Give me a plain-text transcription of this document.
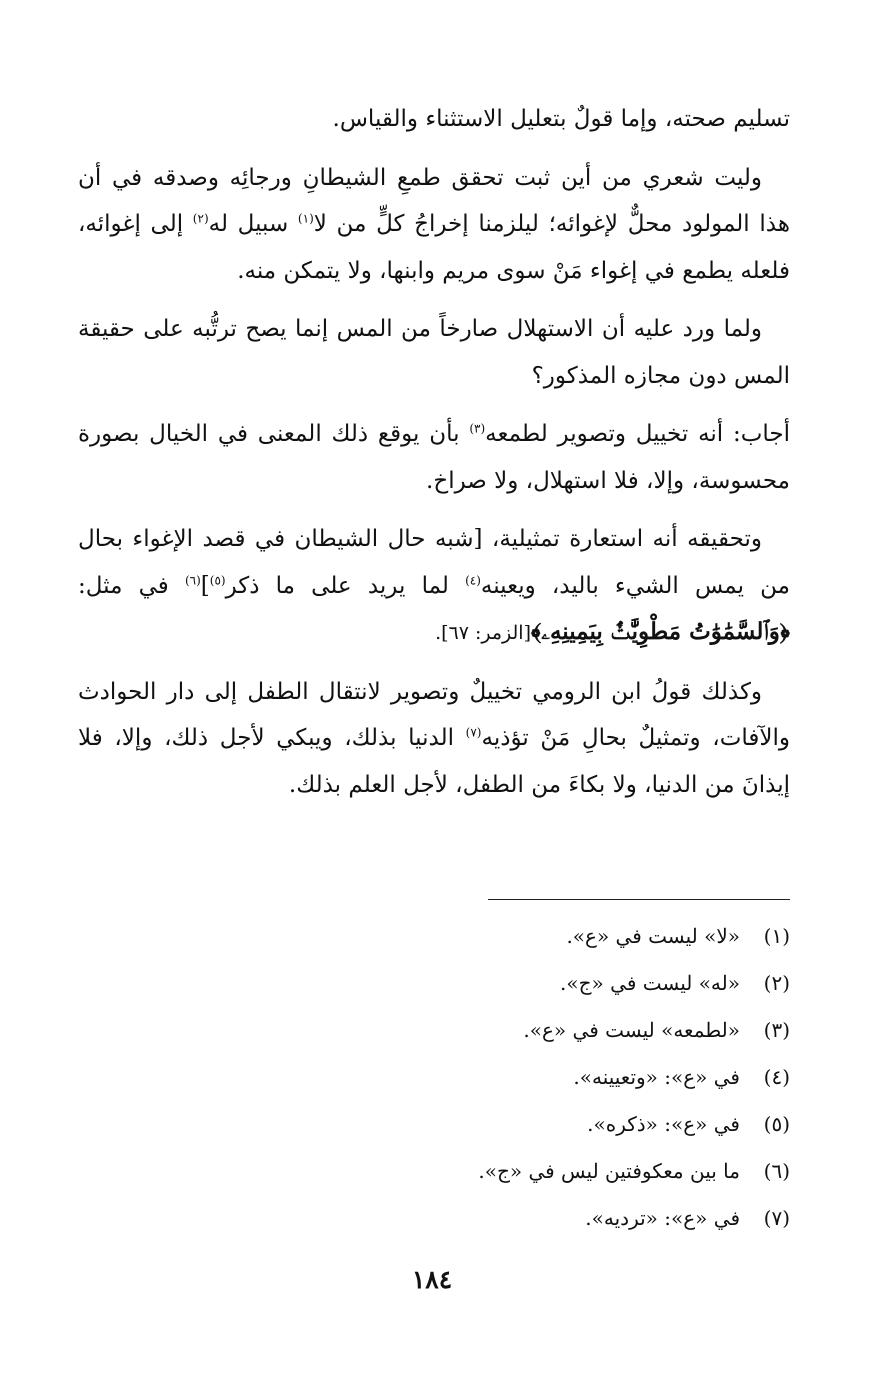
تسليم صحته، وإما قولٌ بتعليل الاستثناء والقياس.

وليت شعري من أين ثبت تحقق طمعِ الشيطانِ ورجائِه وصدقه في أن هذا المولود محلٌّ لإغوائه؛ ليلزمنا إخراجُ كلٍّ من لا$^{(١)}$ سبيل له$^{(٢)}$ إلى إغوائه، فلعله يطمع في إغواء مَنْ سوى مريم وابنها، ولا يتمكن منه.

ولما ورد عليه أن الاستهلال صارخاً من المس إنما يصح ترتُّبه على حقيقة المس دون مجازه المذكور؟

أجاب: أنه تخييل وتصوير لطمعه$^{(٣)}$ بأن يوقع ذلك المعنى في الخيال بصورة محسوسة، وإلا، فلا استهلال، ولا صراخ.

وتحقيقه أنه استعارة تمثيلية، [شبه حال الشيطان في قصد الإغواء بحال من يمس الشيء باليد، ويعينه$^{(٤)}$ لما يريد على ما ذكر$^{(٥)}$]$^{(٦)}$ في مثل: ﴿وَٱلسَّمَٰوَٰتُ مَطْوِيَّٰتٌۢ بِيَمِينِهِۦ﴾[الزمر: ٦٧].

وكذلك قولُ ابن الرومي تخييلٌ وتصوير لانتقال الطفل إلى دار الحوادث والآفات، وتمثيلٌ بحالِ مَنْ تؤذيه$^{(٧)}$ الدنيا بذلك، ويبكي لأجل ذلك، وإلا، فلا إيذانَ من الدنيا، ولا بكاءَ من الطفل، لأجل العلم بذلك.

(١)«لا» ليست في «ع».
(٢)«له» ليست في «ج».
(٣)«لطمعه» ليست في «ع».
(٤)في «ع»: «وتعيينه».
(٥)في «ع»: «ذكره».
(٦)ما بين معكوفتين ليس في «ج».
(٧)في «ع»: «ترديه».
١٨٤
